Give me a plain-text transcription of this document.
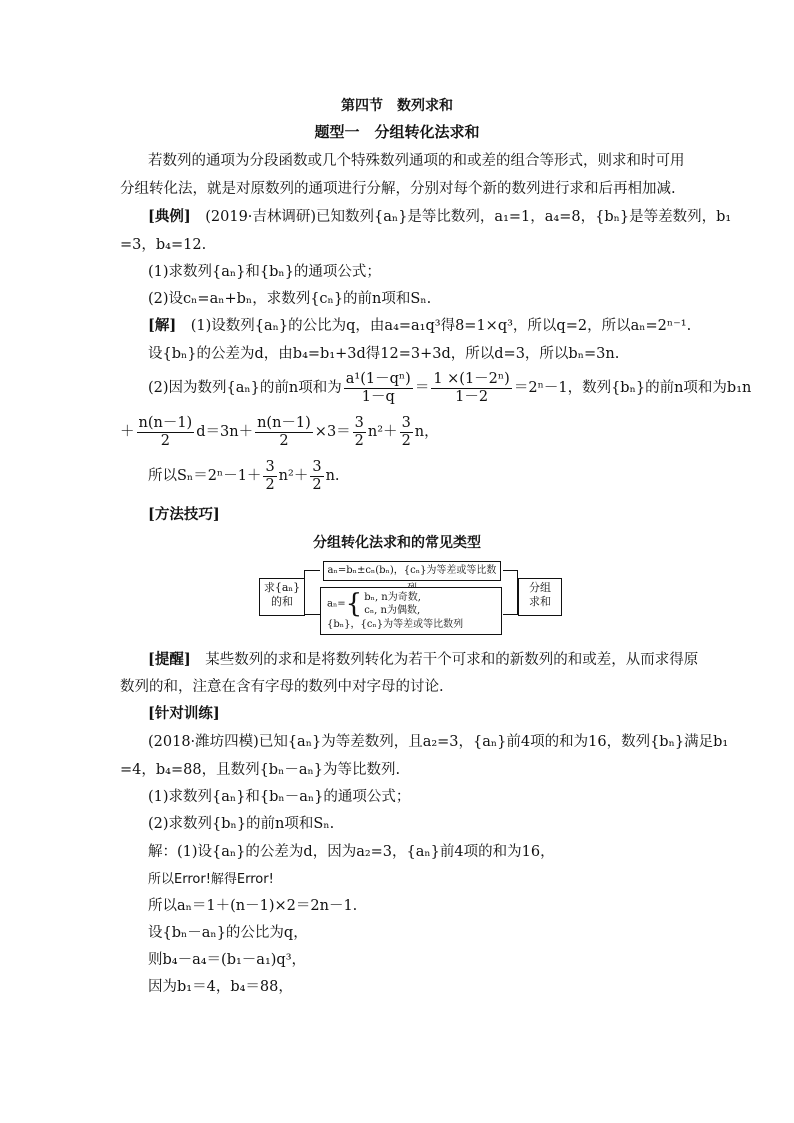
第四节　数列求和
题型一　分组转化法求和
若数列的通项为分段函数或几个特殊数列通项的和或差的组合等形式，则求和时可用
分组转化法，就是对原数列的通项进行分解，分别对每个新的数列进行求和后再相加减.
[典例]　(2019·吉林调研)已知数列{aₙ}是等比数列，a₁=1，a₄=8，{bₙ}是等差数列，b₁
=3，b₄=12.
(1)求数列{aₙ}和{bₙ}的通项公式；
(2)设cₙ=aₙ+bₙ，求数列{cₙ}的前n项和Sₙ.
[解]　(1)设数列{aₙ}的公比为q，由a₄=a₁q³得8=1×q³，所以q=2，所以aₙ=2ⁿ⁻¹.
设{bₙ}的公差为d，由b₄=b₁+3d得12=3+3d，所以d=3，所以bₙ=3n.
(2)因为数列{aₙ}的前n项和为 $\frac{\text{a¹(1－qⁿ)}}{1-q} = \frac{\text{1 ×(1－2ⁿ)}}{1-2} =2^n-1$，数列{bₙ}的前n项和为b₁n
＋ $\frac{n(n-1)}{2} d=3n+ \frac{n(n-1)}{2} \times 3= \frac{3}{2} n^2+ \frac{3}{2}$ n，
所以$S_n=2^n-1+ \frac{3}{2} n^2+ \frac{3}{2} n$.
[方法技巧]
分组转化法求和的常见类型
求{aₙ}
的和
aₙ=bₙ±cₙ(bₙ)，{cₙ}为等差或等比数
aₙ={ bₙ, n为奇数,
cₙ, n为偶数,
{bₙ}，{cₙ}为等差或等比数列
分组
求和
[提醒]　某些数列的求和是将数列转化为若干个可求和的新数列的和或差，从而求得原
数列的和，注意在含有字母的数列中对字母的讨论.
[针对训练]
(2018·潍坊四模)已知{aₙ}为等差数列，且a₂=3，{aₙ}前4项的和为16，数列{bₙ}满足b₁
=4，b₄=88，且数列{bₙ－aₙ}为等比数列.
(1)求数列{aₙ}和{bₙ－aₙ}的通项公式；
(2)求数列{bₙ}的前n项和Sₙ.
解：(1)设{aₙ}的公差为d，因为a₂=3，{aₙ}前4项的和为16，
所以Error!解得Error!
所以aₙ＝1＋(n－1)×2＝2n－1.
设{bₙ－aₙ}的公比为q，
则b₄－a₄＝(b₁－a₁)q³，
因为b₁＝4，b₄＝88，
